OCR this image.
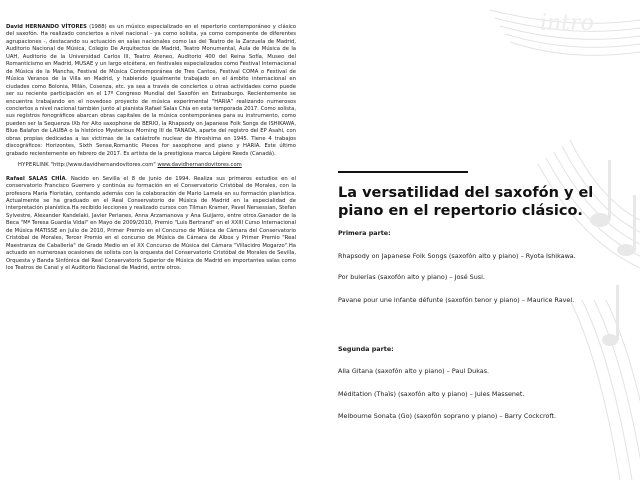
intro

David HERNANDO VÍTORES (1988) es un músico especializado en el repertorio contemporáneo y clásico del saxofón. Ha realizado conciertos a nivel nacional - ya como solista, ya como componente de diferentes agrupaciones -, destacando su actuación en salas nacionales como las del Teatro de la Zarzuela de Madrid, Auditorio Nacional de Música, Colegio De Arquitectos de Madrid, Teatro Monumental, Aula de Música de la UAH, Auditorio de la Universidad Carlos III, Teatro Ateneo, Auditorio 400 del Reina Sofía, Museo del Romanticismo en Madrid, MUSAE y un largo etcétera, en festivales especializados como Festival Internacional de Música de la Mancha, Festival de Música Contemporánea de Tres Cantos, Festival COMA o Festival de Música Veranos de la Villa en Madrid, y habiendo igualmente trabajado en el ámbito internacional en ciudades como Bolonia, Milán, Cosenza, etc. ya sea a través de conciertos u otras actividades como puede ser su reciente participación en el 17º Congreso Mundial del Saxofón en Estrasburgo. Recientemente se encuentra trabajando en el novedoso proyecto de música experimental "HARIA" realizando numerosos conciertos a nivel nacional también junto al pianista Rafael Salas Chía en esta temporada 2017. Como solista, sus registros fonográficos abarcan obras capitales de la música contemporánea para su instrumento, como pueden ser la Sequenza IXb for Alto saxophone de BERIO, la Rhapsody on Japanese Folk Songs de ISHIKAWA, Blue Balafon de LAUBA o la histórico Mysterious Morning III de TANADA, aparte del registro del EP Asahi, con obras propias dedicadas a las víctimas de la catástrofe nuclear de Hiroshima en 1945. Tiene 4 trabajos discográficos: Horizontes, Sixth Sense,Romantic Pieces for saxophone and piano y HARIA. Este último grabado recientemente en febrero de 2017. Es artista de la prestigiosa marca Légère Reeds (Canadá).

HYPERLINK "http://www.davidhernandovitores.com" www.davidhernandovitores.com

Rafael SALAS CHÍA. Nacido en Sevilla el 8 de junio de 1994. Realiza sus primeros estudios en el conservatorio Francisco Guerrero y continúa su formación en el Conservatorio Cristóbal de Morales, con la profesora María Floristán, contando además con la colaboración de Mario Lamela en su formación pianística. Actualmente se ha graduado en el Real Conservatorio de Música de Madrid en la especialidad de interpretación pianística.Ha recibido lecciones y realizado cursos con Tilman Kramer, Pavel Nersessian, Stefan Sylvestre, Alexander Kandelaki, Javier Perianes, Anna Arzamanova y Ana Guijarro, entre otros.Ganador de la Beca "Mª Teresa Guardia Vidal" en Mayo de 2009/2010, Premio "Luis Bertrand" en el XXIII Curso Internacional de Música MATISSE en Julio de 2010, Primer Premio en el Concurso de Música de Cámara del Conservatorio Cristóbal de Morales, Tercer Premio en el concurso de Música de Cámara de Albox y Primer Premio "Real Maestranza de Caballería" de Grado Medio en el XX Concurso de Música del Cámara "Villacidro Mogarzo".Ha actuado en numerosas ocasiones de solista con la orquesta del Conservatorio Cristóbal de Morales de Sevilla, Orquesta y Banda Sinfónica del Real Conservatorio Superior de Música de Madrid en importantes salas como los Teatros de Canal y el Auditorio Nacional de Madrid, entre otros.

La versatilidad del saxofón y el piano en el repertorio clásico.
Primera parte:
Rhapsody on Japanese Folk Songs (saxofón alto y piano) – Ryota Ishikawa.
Por bulerías (saxofón alto y piano) – José Susi.
Pavane pour une infante défunte (saxofón tenor y piano) – Maurice Ravel.
Segunda parte:
Alla Gitana (saxofón alto y piano) – Paul Dukas.
Méditation (Thaïs) (saxofón alto y piano) – Jules Massenet.
Melbourne Sonata (Go) (saxofón soprano y piano) – Barry Cockcroft.
